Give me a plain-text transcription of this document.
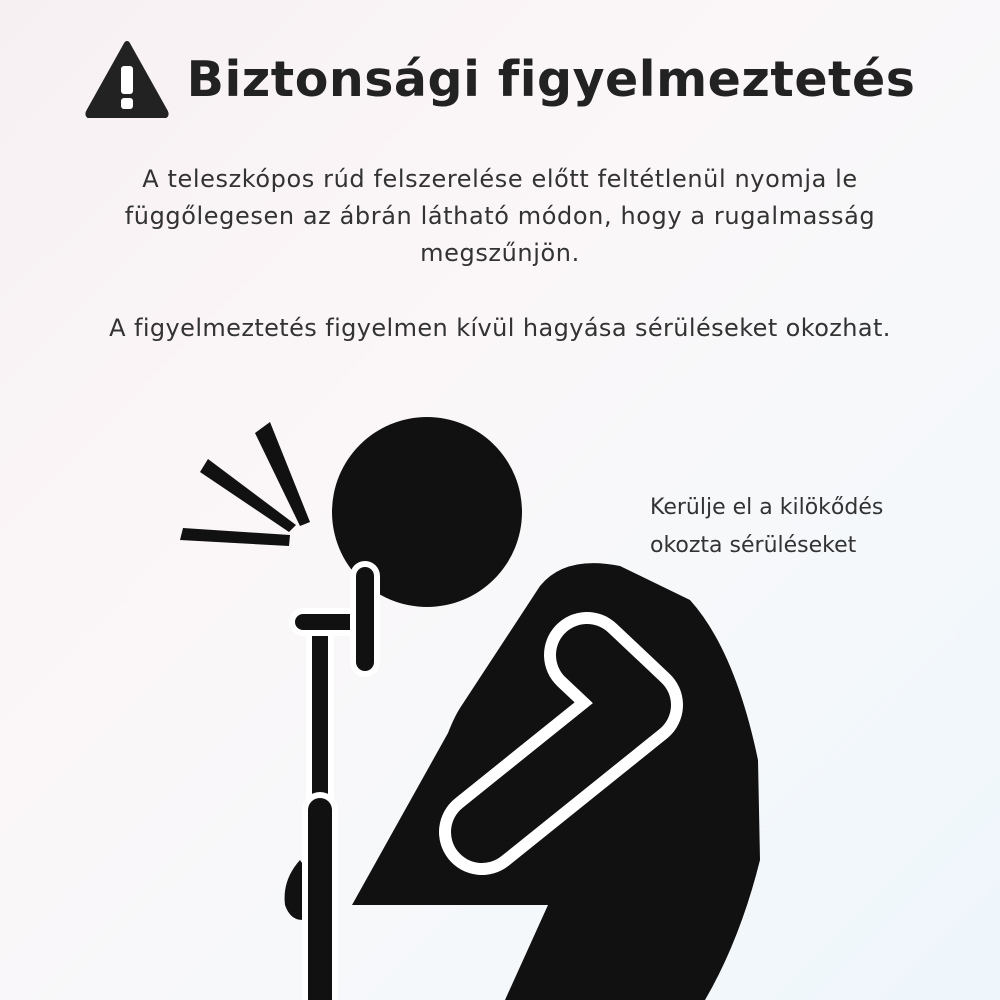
Biztonsági figyelmeztetés

A teleszkópos rúd felszerelése előtt feltétlenül nyomja le függőlegesen az ábrán látható módon, hogy a rugalmasság megszűnjön.

A figyelmeztetés figyelmen kívül hagyása sérüléseket okozhat.

Kerülje el a kilökődés
okozta sérüléseket
